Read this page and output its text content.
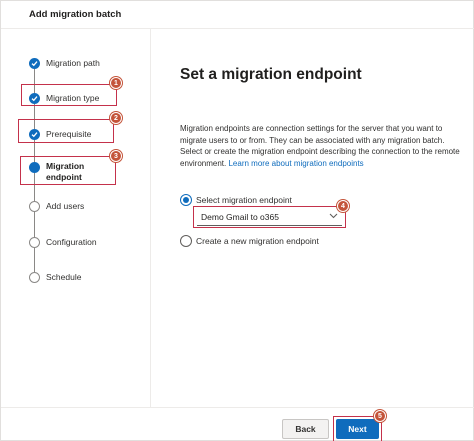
Add migration batch
Migration path
Migration type
Prerequisite
Migration
endpoint
Add users
Configuration
Schedule
1
2
3
Set a migration endpoint
Migration endpoints are connection settings for the server that you want to migrate users to or from. They can be associated with any migration batch. Select or create the migration endpoint describing the connection to the remote environment. Learn more about migration endpoints
Select migration endpoint
Demo Gmail to o365
4
Create a new migration endpoint
Back	Next
5
